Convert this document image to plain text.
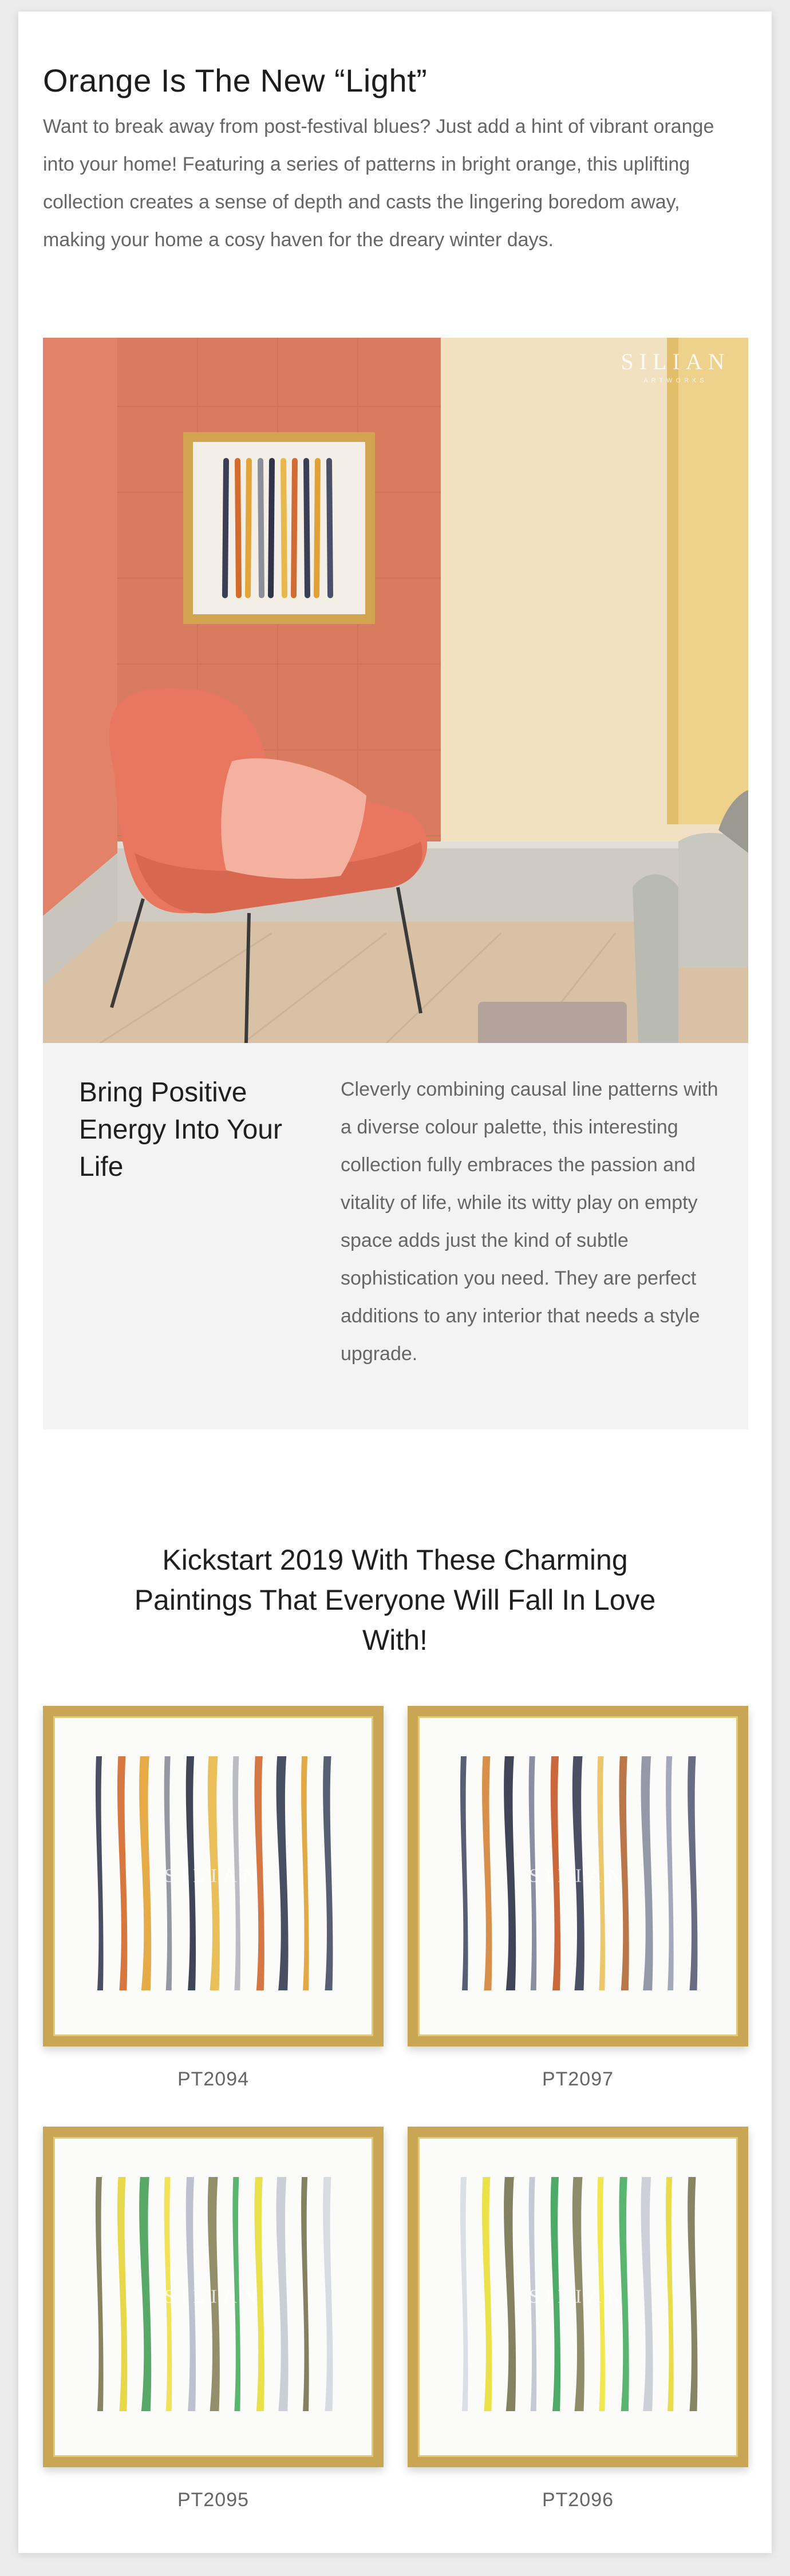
Orange Is The New “Light”

Want to break away from post-festival blues? Just add a hint of vibrant orange into your home! Featuring a series of patterns in bright orange, this uplifting collection creates a sense of depth and casts the lingering boredom away, making your home a cosy haven for the dreary winter days.

SILIAN
ARTWORKS
Bring Positive Energy Into Your Life

Cleverly combining causal line patterns with a diverse colour palette, this interesting collection fully embraces the passion and vitality of life, while its witty play on empty space adds just the kind of subtle sophistication you need. They are perfect additions to any interior that needs a style upgrade.

Kickstart 2019 With These Charming Paintings That Everyone Will Fall In Love With!
SILIAN
PT2094
SILIAN
PT2097
SILIAN
PT2095
SILIAN
PT2096
